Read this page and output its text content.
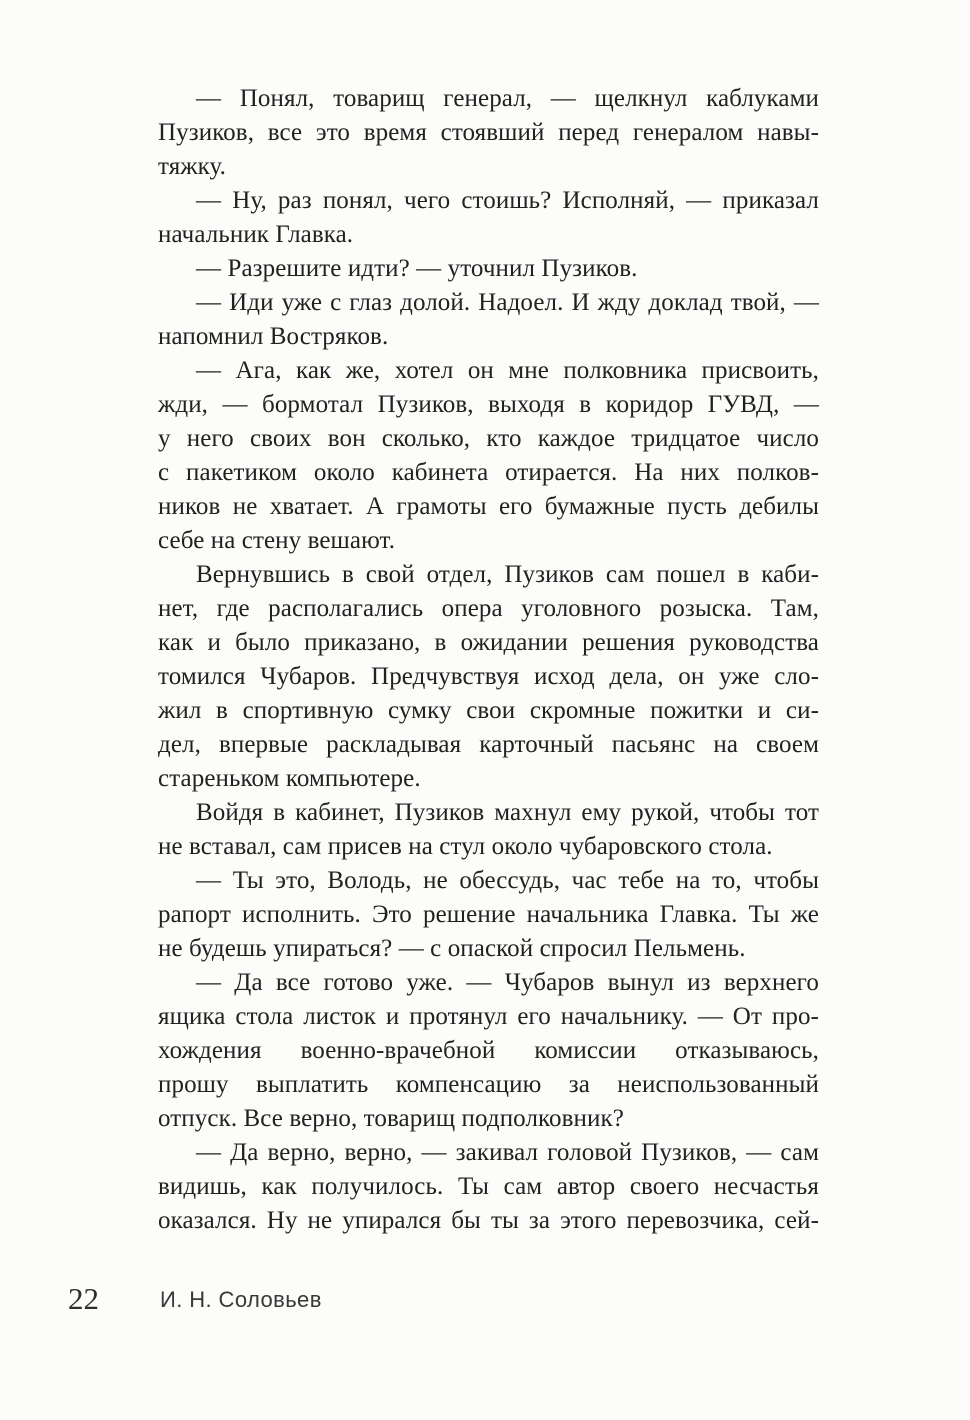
— Понял, товарищ генерал, — щелкнул каблуками
Пузиков, все это время стоявший перед генералом навы-
тяжку.
— Ну, раз понял, чего стоишь? Исполняй, — приказал
начальник Главка.
— Разрешите идти? — уточнил Пузиков.
— Иди уже с глаз долой. Надоел. И жду доклад твой, —
напомнил Востряков.
— Ага, как же, хотел он мне полковника присвоить,
жди, — бормотал Пузиков, выходя в коридор ГУВД, —
у него своих вон сколько, кто каждое тридцатое число
с пакетиком около кабинета отирается. На них полков-
ников не хватает. А грамоты его бумажные пусть дебилы
себе на стену вешают.
Вернувшись в свой отдел, Пузиков сам пошел в каби-
нет, где располагались опера уголовного розыска. Там,
как и было приказано, в ожидании решения руководства
томился Чубаров. Предчувствуя исход дела, он уже сло-
жил в спортивную сумку свои скромные пожитки и си-
дел, впервые раскладывая карточный пасьянс на своем
стареньком компьютере.
Войдя в кабинет, Пузиков махнул ему рукой, чтобы тот
не вставал, сам присев на стул около чубаровского стола.
— Ты это, Володь, не обессудь, час тебе на то, чтобы
рапорт исполнить. Это решение начальника Главка. Ты же
не будешь упираться? — с опаской спросил Пельмень.
— Да все готово уже. — Чубаров вынул из верхнего
ящика стола листок и протянул его начальнику. — От про-
хождения военно-врачебной комиссии отказываюсь,
прошу выплатить компенсацию за неиспользованный
отпуск. Все верно, товарищ подполковник?
— Да верно, верно, — закивал головой Пузиков, — сам
видишь, как получилось. Ты сам автор своего несчастья
оказался. Ну не упирался бы ты за этого перевозчика, сей-
22	И. Н. Соловьев
